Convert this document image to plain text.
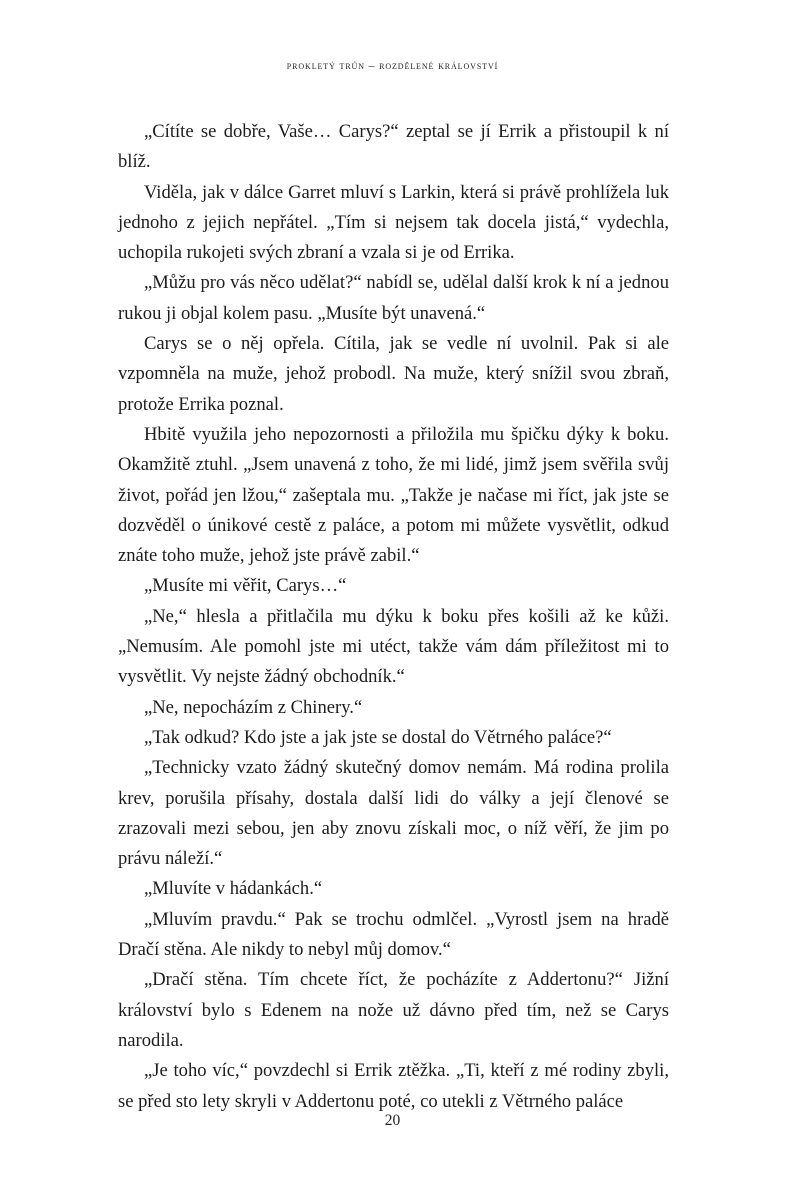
prokletý trůn – rozdělené království

„Cítíte se dobře, Vaše… Carys?“ zeptal se jí Errik a přistoupil k ní blíž.

Viděla, jak v dálce Garret mluví s Larkin, která si právě prohlížela luk jednoho z jejich nepřátel. „Tím si nejsem tak docela jistá,“ vydechla, uchopila rukojeti svých zbraní a vzala si je od Errika.

„Můžu pro vás něco udělat?“ nabídl se, udělal další krok k ní a jednou rukou ji objal kolem pasu. „Musíte být unavená.“

Carys se o něj opřela. Cítila, jak se vedle ní uvolnil. Pak si ale vzpomněla na muže, jehož probodl. Na muže, který snížil svou zbraň, protože Errika poznal.

Hbitě využila jeho nepozornosti a přiložila mu špičku dýky k boku. Okamžitě ztuhl. „Jsem unavená z toho, že mi lidé, jimž jsem svěřila svůj život, pořád jen lžou,“ zašeptala mu. „Takže je načase mi říct, jak jste se dozvěděl o únikové cestě z paláce, a potom mi můžete vysvětlit, odkud znáte toho muže, jehož jste právě zabil.“

„Musíte mi věřit, Carys…“

„Ne,“ hlesla a přitlačila mu dýku k boku přes košili až ke kůži. „Nemusím. Ale pomohl jste mi utéct, takže vám dám příležitost mi to vysvětlit. Vy nejste žádný obchodník.“

„Ne, nepocházím z Chinery.“

„Tak odkud? Kdo jste a jak jste se dostal do Větrného paláce?“

„Technicky vzato žádný skutečný domov nemám. Má rodina prolila krev, porušila přísahy, dostala další lidi do války a její členové se zrazovali mezi sebou, jen aby znovu získali moc, o níž věří, že jim po právu náleží.“

„Mluvíte v hádankách.“

„Mluvím pravdu.“ Pak se trochu odmlčel. „Vyrostl jsem na hradě Dračí stěna. Ale nikdy to nebyl můj domov.“

„Dračí stěna. Tím chcete říct, že pocházíte z Addertonu?“ Jižní království bylo s Edenem na nože už dávno před tím, než se Carys narodila.

„Je toho víc,“ povzdechl si Errik ztěžka. „Ti, kteří z mé rodiny zbyli, se před sto lety skryli v Addertonu poté, co utekli z Větrného paláce

20
